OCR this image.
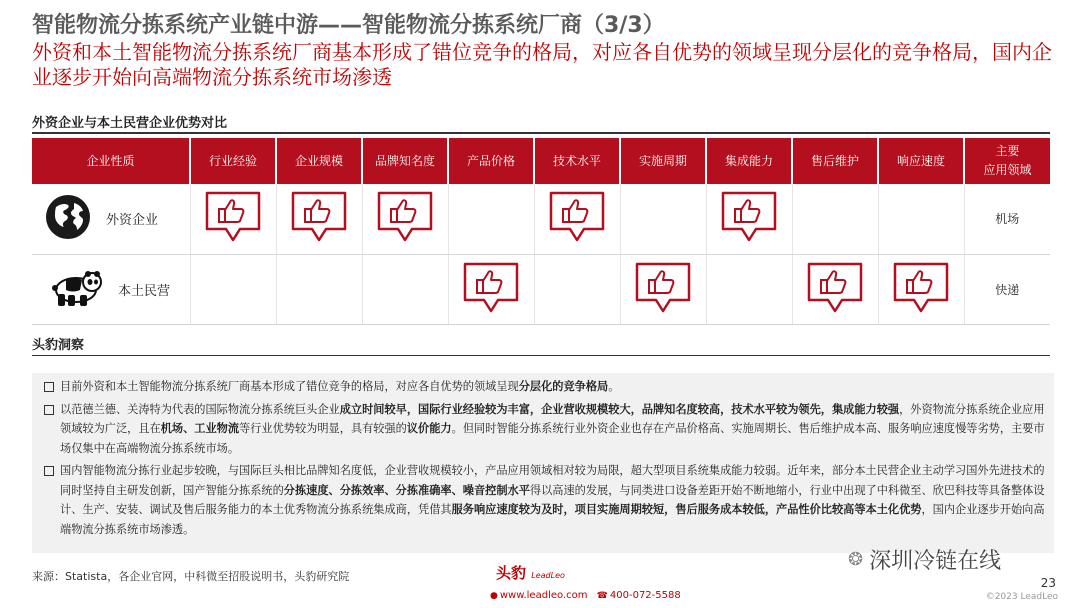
智能物流分拣系统产业链中游——智能物流分拣系统厂商（3/3）
外资和本土智能物流分拣系统厂商基本形成了错位竞争的格局，对应各自优势的领域呈现分层化的竞争格局，国内企业逐步开始向高端物流分拣系统市场渗透
外资企业与本土民营企业优势对比
企业性质	行业经验	企业规模	品牌知名度	产品价格	技术水平	实施周期	集成能力	售后维护	响应速度	主要
应用领域

外资企业										机场

本土民营										快递
头豹洞察

目前外资和本土智能物流分拣系统厂商基本形成了错位竞争的格局，对应各自优势的领域呈现分层化的竞争格局。

以范德兰德、关涛特为代表的国际物流分拣系统巨头企业成立时间较早，国际行业经验较为丰富，企业营收规模较大，品牌知名度较高，技术水平较为领先，集成能力较强，外资物流分拣系统企业应用领域较为广泛，且在机场、工业物流等行业优势较为明显，具有较强的议价能力。但同时智能分拣系统行业外资企业也存在产品价格高、实施周期长、售后维护成本高、服务响应速度慢等劣势，主要市场仅集中在高端物流分拣系统市场。

国内智能物流分拣行业起步较晚，与国际巨头相比品牌知名度低，企业营收规模较小，产品应用领域相对较为局限，超大型项目系统集成能力较弱。近年来，部分本土民营企业主动学习国外先进技术的同时坚持自主研发创新，国产智能分拣系统的分拣速度、分拣效率、分拣准确率、噪音控制水平得以高速的发展，与同类进口设备差距开始不断地缩小，行业中出现了中科微至、欣巴科技等具备整体设计、生产、安装、调试及售后服务能力的本土优秀物流分拣系统集成商，凭借其服务响应速度较为及时，项目实施周期较短，售后服务成本较低，产品性价比较高等本土化优势，国内企业逐步开始向高端物流分拣系统市场渗透。

来源：Statista，各企业官网，中科微至招股说明书，头豹研究院	头豹 LeadLeo
● www.leadleo.com ☎ 400-072-5588
❂ 深圳冷链在线
23
©2023 LeadLeo
